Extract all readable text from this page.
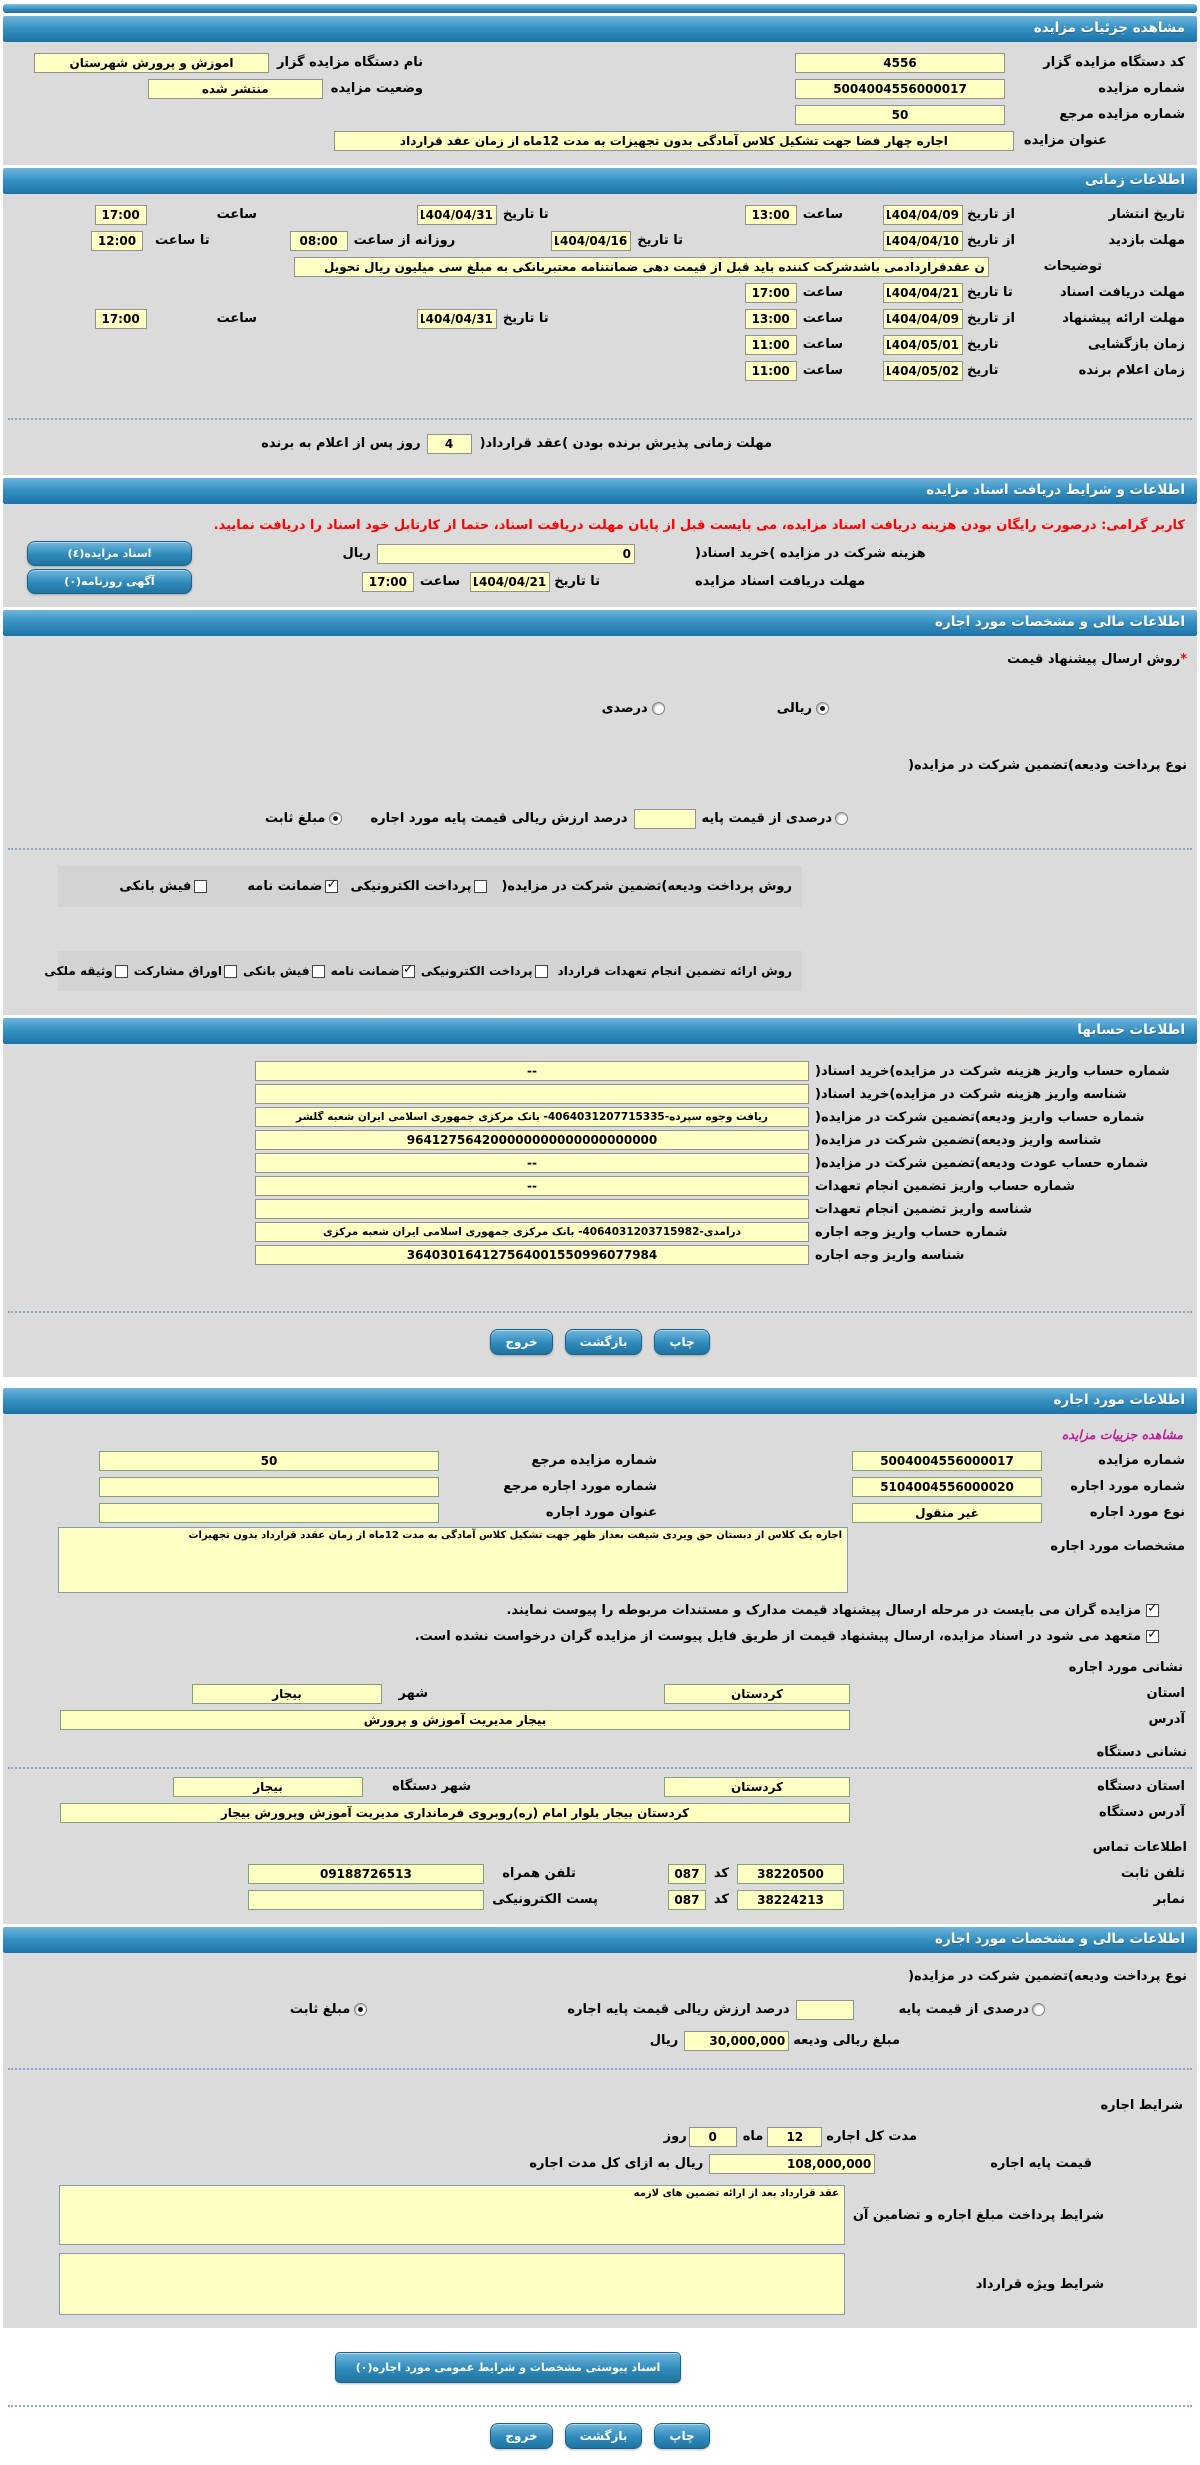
مشاهده جزئیات مزایده
کد دستگاه مزایده گزار
4556
نام دستگاه مزایده گزار
اموزش و پرورش شهرستان
شماره مزایده
5004004556000017
وضعیت مزایده
منتشر شده
شماره مزایده مرجع
50
عنوان مزایده
اجاره چهار فضا جهت تشکیل کلاس آمادگی بدون تجهیزات به مدت 12ماه از زمان عقد قرارداد
اطلاعات زمانی
تاریخ انتشار
از تاریخ
1404/04/09
ساعت
13:00
تا تاریخ
1404/04/31
ساعت
17:00
مهلت بازدید
از تاریخ
1404/04/10
تا تاریخ
1404/04/16
روزانه از ساعت
08:00
تا ساعت
12:00
توضیحات
ن عقدقراردادمی باشدشرکت کننده باید قبل از قیمت دهی ضمانتنامه معتبربانکی به مبلغ سی میلیون ریال تحویل
مهلت دریافت اسناد
تا تاریخ
1404/04/21
ساعت
17:00
مهلت ارائه پیشنهاد
از تاریخ
1404/04/09
ساعت
13:00
تا تاریخ
1404/04/31
ساعت
17:00
زمان بازگشایی
تاریخ
1404/05/01
ساعت
11:00
زمان اعلام برنده
تاریخ
1404/05/02
ساعت
11:00
مهلت زمانی پذیرش برنده بودن )عقد قرارداد(
4
روز پس از اعلام به برنده
اطلاعات و شرایط دریافت اسناد مزایده
کاربر گرامی: درصورت رایگان بودن هزینه دریافت اسناد مزایده، می بایست قبل از پایان مهلت دریافت اسناد، حتما از کارتابل خود اسناد را دریافت نمایید.
هزینه شرکت در مزایده )خرید اسناد(
0
ریال
اسناد مزایده(٤)
مهلت دریافت اسناد مزایده
تا تاریخ
1404/04/21
ساعت
17:00
آگهی روزنامه(٠)
اطلاعات مالی و مشخصات مورد اجاره
*
روش ارسال پیشنهاد قیمت
ریالی
درصدی
نوع پرداخت ودیعه)تضمین شرکت در مزایده(
درصدی از قیمت پایه
درصد ارزش ریالی قیمت پایه مورد اجاره
مبلغ ثابت
روش پرداخت ودیعه)تضمین شرکت در مزایده(
پرداخت الکترونیکی
✓
ضمانت نامه
فیش بانکی
روش ارائه تضمین انجام تعهدات قرارداد
پرداخت الکترونیکی
✓
ضمانت نامه
فیش بانکی
اوراق مشارکت
وثیقه ملکی
اطلاعات حسابها
--
شماره حساب واریز هزینه شرکت در مزایده)خرید اسناد(
شناسه واریز هزینه شرکت در مزایده)خرید اسناد(
ریافت وجوه سپرده-4064031207715335- بانک مرکزی جمهوری اسلامی ایران شعبه گلشر
شماره حساب واریز ودیعه)تضمین شرکت در مزایده(
964127564200000000000000000000
شناسه واریز ودیعه)تضمین شرکت در مزایده(
--
شماره حساب عودت ودیعه)تضمین شرکت در مزایده(
--
شماره حساب واریز تضمین انجام تعهدات
شناسه واریز تضمین انجام تعهدات
درآمدی-4064031203715982- بانک مرکزی جمهوری اسلامی ایران شعبه مرکزی
شماره حساب واریز وجه اجاره
364030164127564001550996077984
شناسه واریز وجه اجاره
چاپ
بازگشت
خروج
اطلاعات مورد اجاره
مشاهده جزییات مزایده
شماره مزایده
5004004556000017
شماره مزایده مرجع
50
شماره مورد اجاره
5104004556000020
شماره مورد اجاره مرجع
نوع مورد اجاره
غیر منقول
عنوان مورد اجاره
مشخصات مورد اجاره
اجاره یک کلاس از دبستان حق ویردی شیفت بعداز ظهر جهت تشکیل کلاس آمادگی به مدت 12ماه از زمان عقدد قرارداد بدون تجهیزات
✓
مزایده گران می بایست در مرحله ارسال پیشنهاد قیمت مدارک و مستندات مربوطه را پیوست نمایند.
✓
متعهد می شود در اسناد مزایده، ارسال پیشنهاد قیمت از طریق فایل پیوست از مزایده گران درخواست نشده است.
نشانی مورد اجاره
استان
کردستان
شهر
بیجار
آدرس
بیجار مدیریت آموزش و پرورش
نشانی دستگاه
استان دستگاه
کردستان
شهر دستگاه
بیجار
آدرس دستگاه
کردستان بیجار بلوار امام (ره)روبروی فرمانداری مدیریت آموزش وپرورش بیجار
اطلاعات تماس
تلفن ثابت
38220500
کد
087
تلفن همراه
09188726513
نمابر
38224213
کد
087
پست الکترونیکی
اطلاعات مالی و مشخصات مورد اجاره
نوع پرداخت ودیعه)تضمین شرکت در مزایده(
درصدی از قیمت پایه
درصد ارزش ریالی قیمت پایه اجاره
مبلغ ثابت
مبلغ ریالی ودیعه
30,000,000
ریال
شرایط اجاره
مدت کل اجاره
12
ماه
0
روز
قیمت پایه اجاره
108,000,000
ریال به ازای کل مدت اجاره
شرایط پرداخت مبلغ اجاره و تضامین آن
عقد قرارداد بعد از ارائه تضمین های لازمه
شرایط ویژه قرارداد
اسناد پیوستی مشخصات و شرایط عمومی مورد اجاره(٠)
چاپ
بازگشت
خروج
